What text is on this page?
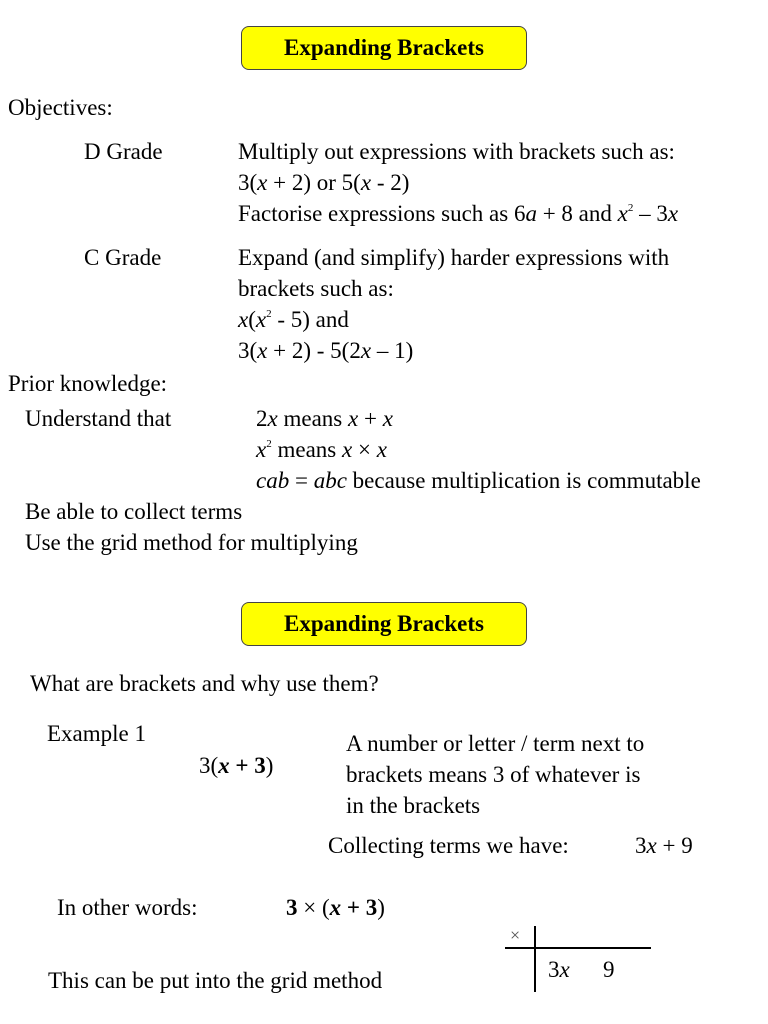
Expanding Brackets
Objectives:
D Grade	Multiply out expressions with brackets such as:
3(x + 2) or 5(x - 2)
Factorise expressions such as 6a + 8 and $x^2 - 3x$
C Grade	Expand (and simplify) harder expressions with
brackets such as:
$x(x^2 - 5)$ and
3(x + 2) - 5(2x – 1)
Prior knowledge:
Understand that	2x means x + x
$x^2$ means x × x
cab = abc because multiplication is commutable
Be able to collect terms
Use the grid method for multiplying
Expanding Brackets
What are brackets and why use them?
Example 1
3(x + 3)
A number or letter / term next to
brackets means 3 of whatever is
in the brackets
Collecting terms we have:	3x + 9
In other words:	3 × (x + 3)
This can be put into the grid method
×
3x 9
